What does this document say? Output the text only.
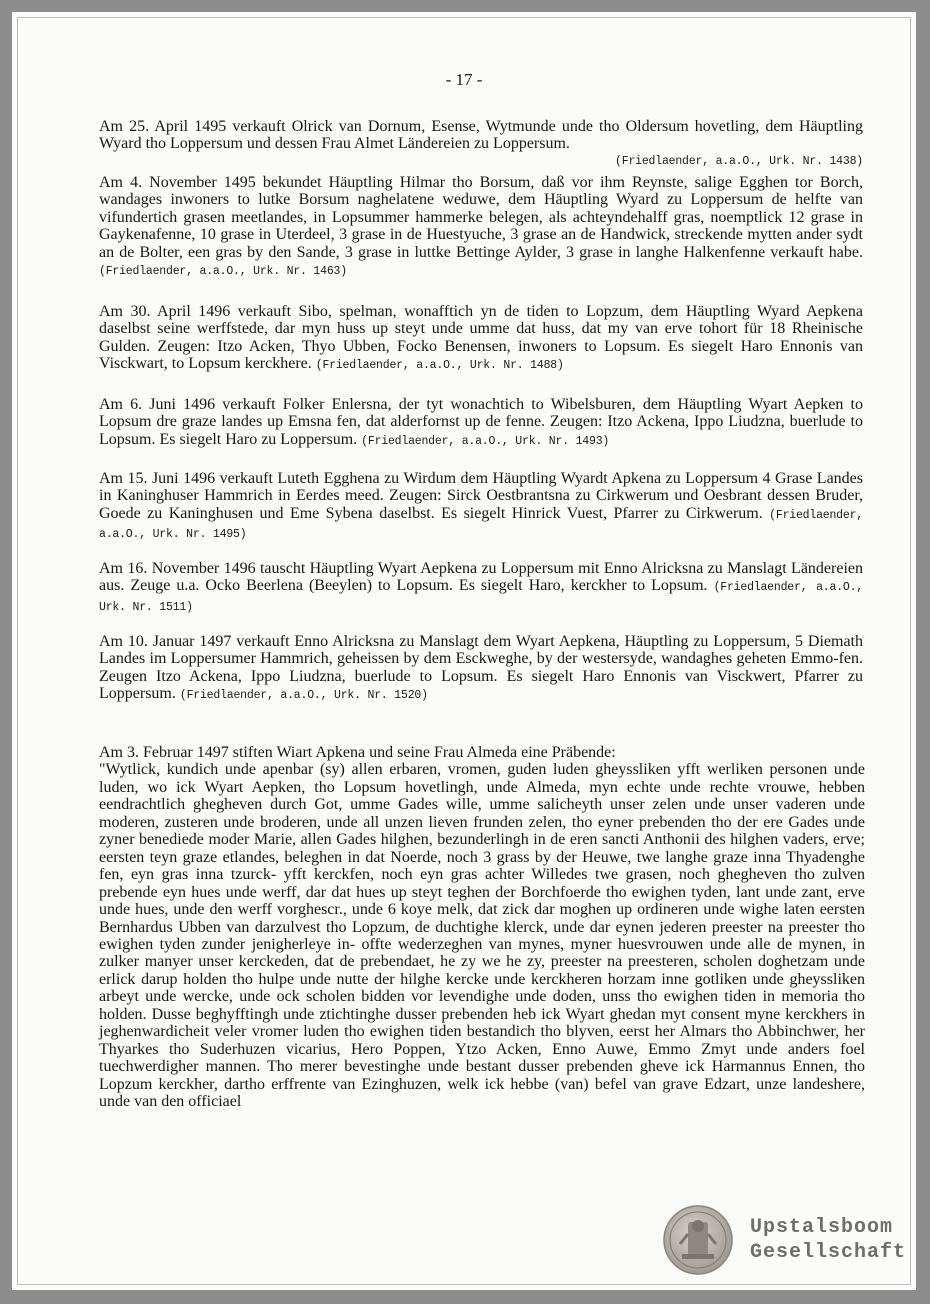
- 17 -

Am 25. April 1495 verkauft Olrick van Dornum, Esense, Wytmunde unde tho Oldersum hovetling, dem Häuptling Wyard tho Loppersum und dessen Frau Almet Ländereien zu Loppersum.

(Friedlaender, a.a.O., Urk. Nr. 1438)

Am 4. November 1495 bekundet Häuptling Hilmar tho Borsum, daß vor ihm Reynste, salige Egghen tor Borch, wandages inwoners to lutke Borsum naghelatene weduwe, dem Häuptling Wyard zu Loppersum de helfte van vifundertich grasen meetlandes, in Lopsummer hammerke belegen, als achteyndehalff gras, noemptlick 12 grase in Gaykenafenne, 10 grase in Uterdeel, 3 grase in de Huestyuche, 3 grase an de Handwick, streckende mytten ander sydt an de Bolter, een gras by den Sande, 3 grase in luttke Bettinge Aylder, 3 grase in langhe Halkenfenne verkauft habe. (Friedlaender, a.a.O., Urk. Nr. 1463)

Am 30. April 1496 verkauft Sibo, spelman, wonafftich yn de tiden to Lopzum, dem Häuptling Wyard Aepkena daselbst seine werffstede, dar myn huss up steyt unde umme dat huss, dat my van erve tohort für 18 Rheinische Gulden. Zeugen: Itzo Acken, Thyo Ubben, Focko Benensen, inwoners to Lopsum. Es siegelt Haro Ennonis van Visckwart, to Lopsum kerckhere. (Friedlaender, a.a.O., Urk. Nr. 1488)

Am 6. Juni 1496 verkauft Folker Enlersna, der tyt wonachtich to Wibelsburen, dem Häuptling Wyart Aepken to Lopsum dre graze landes up Emsna fen, dat alderfornst up de fenne. Zeugen: Itzo Ackena, Ippo Liudzna, buerlude to Lopsum. Es siegelt Haro zu Loppersum. (Friedlaender, a.a.O., Urk. Nr. 1493)

Am 15. Juni 1496 verkauft Luteth Egghena zu Wirdum dem Häuptling Wyardt Apkena zu Loppersum 4 Grase Landes in Kaninghuser Hammrich in Eerdes meed. Zeugen: Sirck Oestbrantsna zu Cirkwerum und Oesbrant dessen Bruder, Goede zu Kaninghusen und Eme Sybena daselbst. Es siegelt Hinrick Vuest, Pfarrer zu Cirkwerum. (Friedlaender, a.a.O., Urk. Nr. 1495)

Am 16. November 1496 tauscht Häuptling Wyart Aepkena zu Loppersum mit Enno Alricksna zu Manslagt Ländereien aus. Zeuge u.a. Ocko Beerlena (Beeylen) to Lopsum. Es siegelt Haro, kerckher to Lopsum. (Friedlaender, a.a.O., Urk. Nr. 1511)

Am 10. Januar 1497 verkauft Enno Alricksna zu Manslagt dem Wyart Aepkena, Häuptling zu Loppersum, 5 Diemath Landes im Loppersumer Hammrich, geheissen by dem Esckweghe, by der westersyde, wandaghes geheten Emmo-fen. Zeugen Itzo Ackena, Ippo Liudzna, buerlude to Lopsum. Es siegelt Haro Ennonis van Visckwert, Pfarrer zu Loppersum. (Friedlaender, a.a.O., Urk. Nr. 1520)

Am 3. Februar 1497 stiften Wiart Apkena und seine Frau Almeda eine Präbende:

"Wytlick, kundich unde apenbar (sy) allen erbaren, vromen, guden luden gheyssliken yfft werliken personen unde luden, wo ick Wyart Aepken, tho Lopsum hovetlingh, unde Almeda, myn echte unde rechte vrouwe, hebben eendrachtlich ghegheven durch Got, umme Gades wille, umme salicheyth unser zelen unde unser vaderen unde moderen, zusteren unde broderen, unde all unzen lieven frunden zelen, tho eyner prebenden tho der ere Gades unde zyner benediede moder Marie, allen Gades hilghen, bezunderlingh in de eren sancti Anthonii des hilghen vaders, erve; eersten teyn graze etlandes, beleghen in dat Noerde, noch 3 grass by der Heuwe, twe langhe graze inna Thyadenghe fen, eyn gras inna tzurck- yfft kerckfen, noch eyn gras achter Willedes twe grasen, noch ghegheven tho zulven prebende eyn hues unde werff, dar dat hues up steyt teghen der Borchfoerde tho ewighen tyden, lant unde zant, erve unde hues, unde den werff vorghescr., unde 6 koye melk, dat zick dar moghen up ordineren unde wighe laten eersten Bernhardus Ubben van darzulvest tho Lopzum, de duchtighe klerck, unde dar eynen jederen preester na preester tho ewighen tyden zunder jenigherleye in- offte wederzeghen van mynes, myner huesvrouwen unde alle de mynen, in zulker manyer unser kerckeden, dat de prebendaet, he zy we he zy, preester na preesteren, scholen doghetzam unde erlick darup holden tho hulpe unde nutte der hilghe kercke unde kerckheren horzam inne gotliken unde gheyssliken arbeyt unde wercke, unde ock scholen bidden vor levendighe unde doden, unss tho ewighen tiden in memoria tho holden. Dusse beghyfftingh unde ztichtinghe dusser prebenden heb ick Wyart ghedan myt consent myne kerckhers in jeghenwardicheit veler vromer luden tho ewighen tiden bestandich tho blyven, eerst her Almars tho Abbinchwer, her Thyarkes tho Suderhuzen vicarius, Hero Poppen, Ytzo Acken, Enno Auwe, Emmo Zmyt unde anders foel tuechwerdigher mannen. Tho merer bevestinghe unde bestant dusser prebenden gheve ick Harmannus Ennen, tho Lopzum kerckher, dartho erffrente van Ezinghuzen, welk ick hebbe (van) befel van grave Edzart, unze landeshere, unde van den officiael

Upstalsboom
Gesellschaft
